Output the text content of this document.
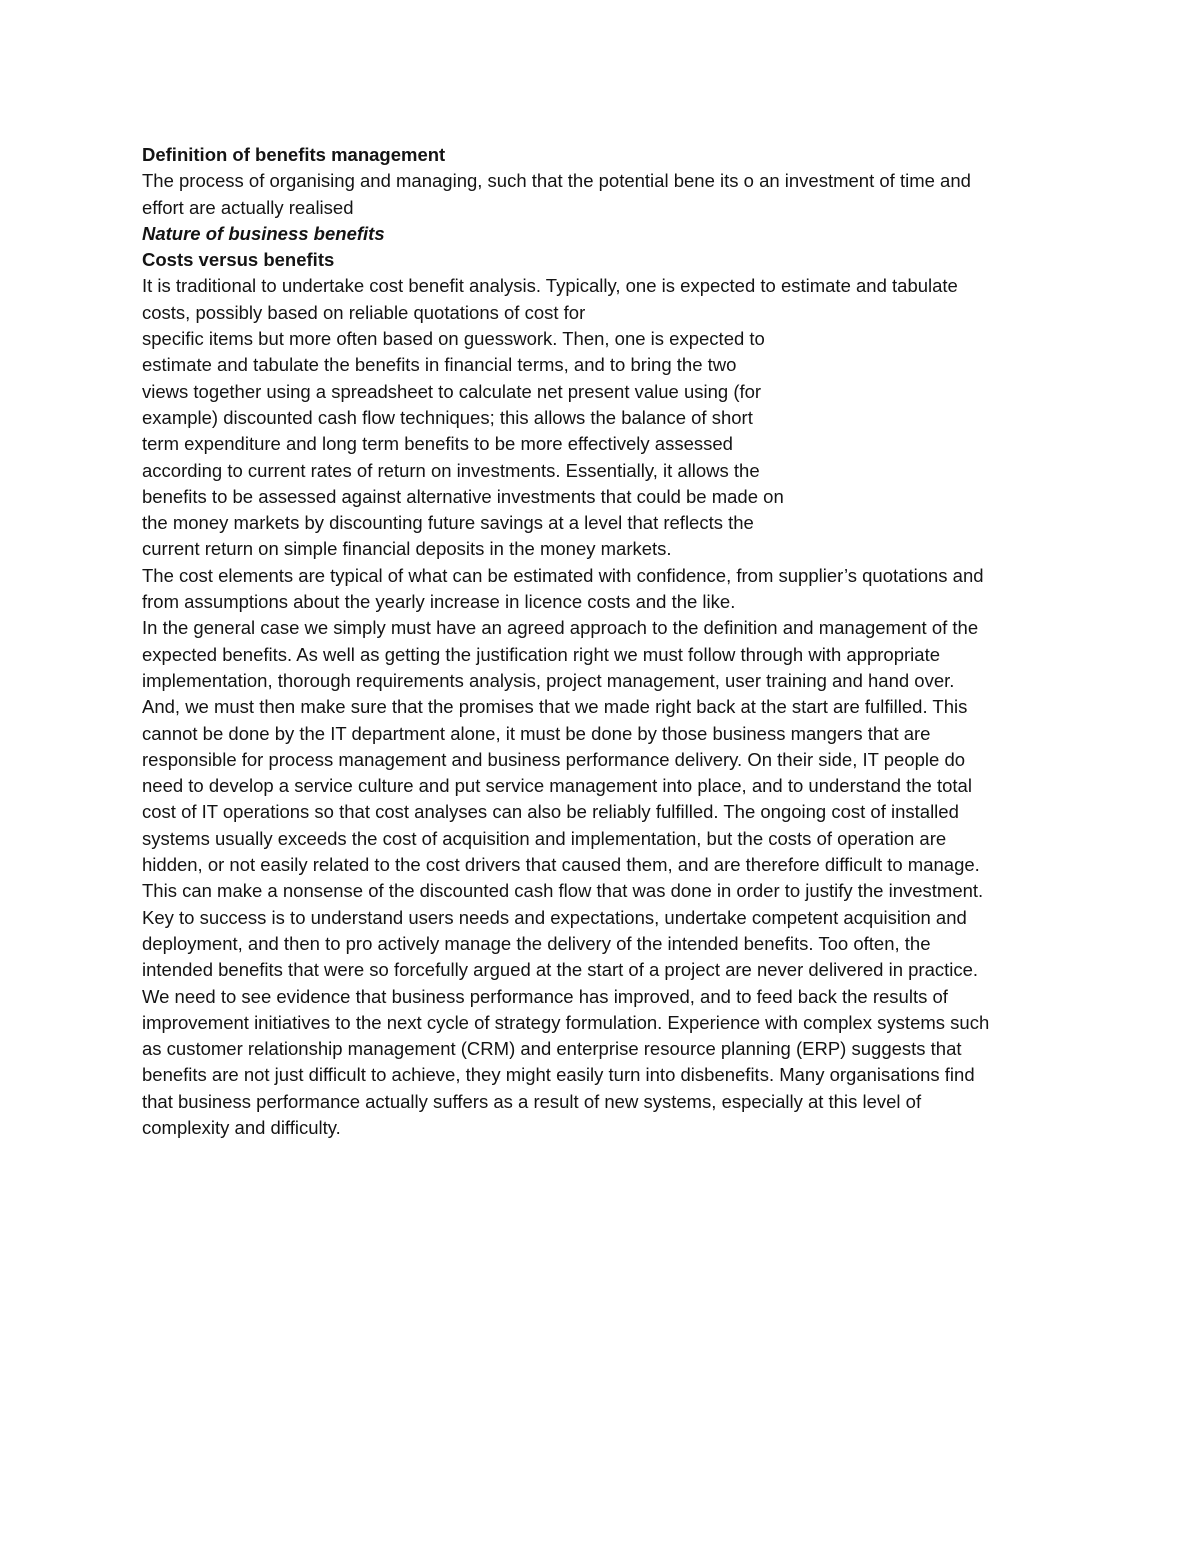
Definition of benefits management
The process of organising and managing, such that the potential bene its o an investment of time and
effort are actually realised
Nature of business benefits
Costs versus benefits
It is traditional to undertake cost benefit analysis. Typically, one is expected to estimate and tabulate
costs, possibly based on reliable quotations of cost for
specific items but more often based on guesswork. Then, one is expected to
estimate and tabulate the benefits in financial terms, and to bring the two
views together using a spreadsheet to calculate net present value using (for
example) discounted cash flow techniques; this allows the balance of short
term expenditure and long term benefits to be more effectively assessed
according to current rates of return on investments. Essentially, it allows the
benefits to be assessed against alternative investments that could be made on
the money markets by discounting future savings at a level that reflects the
current return on simple financial deposits in the money markets.
The cost elements are typical of what can be estimated with confidence, from supplier’s quotations and
from assumptions about the yearly increase in licence costs and the like.
In the general case we simply must have an agreed approach to the definition and management of the
expected benefits. As well as getting the justification right we must follow through with appropriate
implementation, thorough requirements analysis, project management, user training and hand over.
And, we must then make sure that the promises that we made right back at the start are fulfilled. This
cannot be done by the IT department alone, it must be done by those business mangers that are
responsible for process management and business performance delivery. On their side, IT people do
need to develop a service culture and put service management into place, and to understand the total
cost of IT operations so that cost analyses can also be reliably fulfilled. The ongoing cost of installed
systems usually exceeds the cost of acquisition and implementation, but the costs of operation are
hidden, or not easily related to the cost drivers that caused them, and are therefore difficult to manage.
This can make a nonsense of the discounted cash flow that was done in order to justify the investment.
Key to success is to understand users needs and expectations, undertake competent acquisition and
deployment, and then to pro actively manage the delivery of the intended benefits. Too often, the
intended benefits that were so forcefully argued at the start of a project are never delivered in practice.
We need to see evidence that business performance has improved, and to feed back the results of
improvement initiatives to the next cycle of strategy formulation. Experience with complex systems such
as customer relationship management (CRM) and enterprise resource planning (ERP) suggests that
benefits are not just difficult to achieve, they might easily turn into disbenefits. Many organisations find
that business performance actually suffers as a result of new systems, especially at this level of
complexity and difficulty.
